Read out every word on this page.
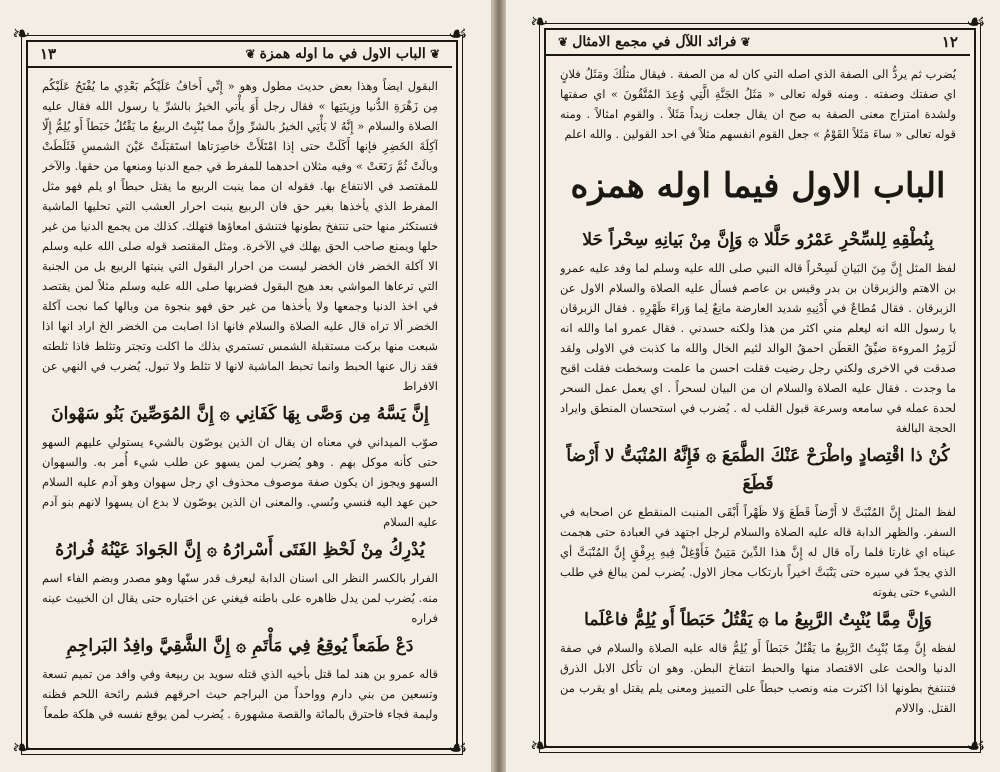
❧	☙
❧	☙
❦ الباب الاول في ما اوله همزة ❦
١٣

البقول ايضاً وهذا بعض حديث مطول وهو « إِنِّي أَخافُ عَلَيْكُم بَعْدِي ما يُفْتَحُ عَلَيْكُم مِن زَهْرَةِ الدُّنيا وزِينَتِها » فقال رجل أَوَ يأْتي الخيرُ بالشرِّ يا رسول الله فقال عليه الصلاة والسلام « إِنَّهُ لا يَأْتِي الخيرُ بالشرِّ وإِنَّ مما يُنْبِتُ الربيعُ ما يَقْتُلُ حَبَطاً أَو يُلِمُّ إِلّا آكِلَةَ الخَضِرِ فإنها أَكَلَتْ حتى إذا امْتَلَأَتْ خاصِرَتاها استَقبَلَتْ عَيْنَ الشمسِ فَثَلَطَتْ وبالَتْ ثُمَّ رَتَعَتْ » وفيه مثلان احدهما للمفرط في جمع الدنيا ومنعها من حقها. والآخر للمقتصد في الانتفاع بها. فقوله ان مما ينبت الربيع ما يقتل حبطاً او يلم فهو مثل المفرط الذي يأخذها بغير حق فان الربيع ينبت احرار العشب التي تحليها الماشية فتستكثر منها حتى تنتفخ بطونها فتنشق امعاؤها فتهلك. كذلك من يجمع الدنيا من غير حلها ويمنع صاحب الحق يهلك في الآخرة. ومثل المقتصد قوله صلى الله عليه وسلم الا آكلة الخضر فان الخضر ليست من احرار البقول التي ينبتها الربيع بل من الجنبة التي ترعاها المواشي بعد هيج البقول فضربها صلى الله عليه وسلم مثلاً لمن يقتصد في اخذ الدنيا وجمعها ولا يأخذها من غير حق فهو بنجوة من وبالها كما نجت آكلة الخضر ألا تراه قال عليه الصلاة والسلام فانها اذا اصابت من الخضر الخ اراد انها اذا شبعت منها بركت مستقبلة الشمس تستمري بذلك ما اكلت وتجتر وتثلط فاذا ثلطته فقد زال عنها الحبط وانما تحبط الماشية لانها لا تثلط ولا تبول. يُضرب في النهي عن الافراط

إِنَّ يَسَّهُ مِن وَصَّى بِهَا كَفَانِي ۞ إِنَّ المُوَصِّينَ بَنُو سَهْوانَ

صوّب الميداني في معناه ان يقال ان الذين يوصّون بالشيء يستولي عليهم السهو حتى كأنه موكل بهم . وهو يُضرب لمن يسهو عن طلب شيء أُمر به. والسهوان السهو ويجوز ان يكون صفة موصوف محذوف اي رجل سهوان وهو آدم عليه السلام حين عهد اليه فنسي ونُسي. والمعنى ان الذين يوصّون لا بدع ان يسهوا لانهم بنو آدم عليه السلام

يُدْرِكُ مِنْ لَحْظِ الفَتَى أَسْرارُهُ ۞ إِنَّ الجَوادَ عَيْنُهُ فُرارُهُ

الفرار بالكسر النظر الى اسنان الدابة ليعرف قدر سنّها وهو مصدر وبضم الفاء اسم منه. يُضرب لمن يدل ظاهره على باطنه فيغني عن اختباره حتى يقال ان الخبيث عينه فراره

دَعْ طَمَعاً يُوقِعُ فِي مَأْتَمِ ۞ إِنَّ الشَّقِيَّ وافِدُ البَراجِمِ

قاله عمرو بن هند لما قتل بأخيه الذي قتله سويد بن ربيعة وفي وافد من تميم تسعة وتسعين من بني دارم وواحداً من البراجم حيث احرقهم فشم رائحة اللحم فظنه وليمة فجاء فاحترق بالمائة والقصة مشهورة . يُضرب لمن يوقع نفسه في هلكة طمعاً

❧	☙
❧	☙
١٢
❦ فرائد اللآل في مجمع الامثال ❦

يُضرب ثم يردُّ الى الصفة الذي اصله التي كان له من الصفة . فيقال مثلُكَ ومَثَلُ فلانٍ اي صفتك وصفته . ومنه قوله تعالى « مَثَلُ الجَنَّةِ الَّتِي وُعِدَ المُتَّقُونَ » اي صفتها ولشدة امتزاج معنى الصفة به صح ان يقال جعلت زيداً مَثَلاً . والقوم امثالاً . ومنه قوله تعالى « ساءَ مَثَلاً القَوْمُ » جعل القوم انفسهم مثلاً في احد القولين . والله اعلم

الباب الاول فيما اوله همزه

بِنُطْقِهِ لِلسِّحْرِ عَمْرُو حَلَّلا ۞ وَإِنَّ مِنْ بَيانِهِ سِحْراً حَلا

لفظ المثل إِنَّ مِنَ البَيانِ لَسِحْراً قاله النبي صلى الله عليه وسلم لما وفد عليه عمرو بن الاهتم والزبرقان بن بدر وقيس بن عاصم فسأل عليه الصلاة والسلام الاول عن الزبرقان . فقال مُطاعٌ في أَدْنِيهِ شديد العارضة مانِعٌ لِما وَراءَ ظَهْرِهِ . فقال الزبرقان يا رسول الله انه ليعلم مني اكثر من هذا ولكنه حسدني . فقال عمرو اما والله انه لَزَمِرُ المروءة ضيِّقُ العَطَن احمقُ الوالد لئيم الخال والله ما كذبت في الاولى ولقد صدقت في الاخرى ولكني رجل رضيت فقلت احسن ما علمت وسخطت فقلت اقبح ما وجدت . فقال عليه الصلاة والسلام ان من البيان لسحراً . اي يعمل عمل السحر لحدة عمله في سامعه وسرعة قبول القلب له . يُضرب في استحسان المنطق وايراد الحجة البالغة

كُنْ ذا اقْتِصادٍ واطْرَحْ عَنْكَ الطَّمَعَ ۞ فَإِنَّهُ المُنْبَتُّ لا أَرْضاً قَطَعَ

لفظ المثل إِنَّ المُنْبَتَّ لا أَرْضاً قَطَعَ وَلا ظَهْراً أَبْقَى المنبت المنقطع عن اصحابه في السفر. والظهر الدابة قاله عليه الصلاة والسلام لرجل اجتهد في العبادة حتى هجمت عيناه اي غارتا فلما رآه قال له إِنَّ هذا الدِّينَ مَتِينٌ فَأَوْغِلْ فِيهِ بِرِفْقٍ إِنَّ المُنْبَتَّ أي الذي يجدّ في سيره حتى يَنْبَتَّ اخيراً بارتكاب مجاز الاول. يُضرب لمن يبالغ في طلب الشيء حتى يفوته

وَإِنَّ مِمَّا يُنْبِتُ الرَّبِيعُ ما ۞ يَقْتُلُ حَبَطاً أَو يُلِمُّ فاعْلَما

لفظه إِنَّ مِمّا يُنْبِتُ الرَّبِيعُ ما يَقْتُلُ حَبَطاً أَو يُلِمُّ قاله عليه الصلاة والسلام في صفة الدنيا والحث على الاقتصاد منها والحبط انتفاخ البطن. وهو ان تأكل الابل الذرق فتنتفخ بطونها اذا اكثرت منه ونصب حبطاً على التمييز ومعنى يلم يقتل او يقرب من القتل. والالام
